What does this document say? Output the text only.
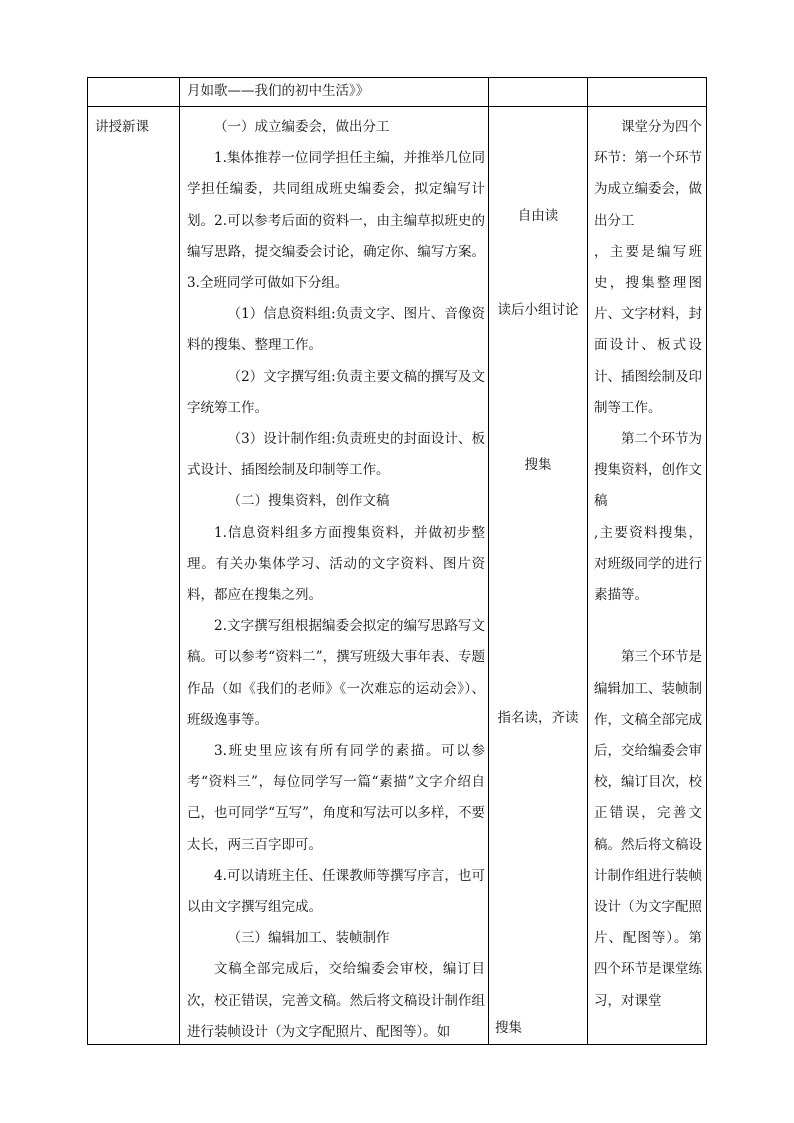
月如歌——我们的初中生活》》
讲授新课	（一）成立编委会，做出分工

1.集体推荐一位同学担任主编，并推举几位同学担任编委，共同组成班史编委会，拟定编写计划。2.可以参考后面的资料一，由主编草拟班史的编写思路，提交编委会讨论，确定你、编写方案。3.全班同学可做如下分组。

（1）信息资料组:负责文字、图片、音像资料的搜集、整理工作。

（2）文字撰写组:负责主要文稿的撰写及文字统筹工作。

（3）设计制作组:负责班史的封面设计、板式设计、插图绘制及印制等工作。

（二）搜集资料，创作文稿

1.信息资料组多方面搜集资料，并做初步整理。有关办集体学习、活动的文字资料、图片资料，都应在搜集之列。

2.文字撰写组根据编委会拟定的编写思路写文稿。可以参考“资料二”，撰写班级大事年表、专题作品（如《我们的老师》《一次难忘的运动会》）、班级逸事等。

3.班史里应该有所有同学的素描。可以参考“资料三”，每位同学写一篇“素描”文字介绍自己，也可同学“互写”，角度和写法可以多样，不要太长，两三百字即可。

4.可以请班主任、任课教师等撰写序言，也可以由文字撰写组完成。

（三）编辑加工、装帧制作

文稿全部完成后，交给编委会审校，编订目次，校正错误，完善文稿。然后将文稿设计制作组进行装帧设计（为文字配照片、配图等）。如

自由读
读后小组讨论
搜集
指名读，齐读
搜集

课堂分为四个环节：第一个环节为成立编委会，做出分工

，主要是编写班史，搜集整理图片、文字材料，封面设计、板式设计、插图绘制及印制等工作。

第二个环节为搜集资料，创作文稿

,主要资料搜集，对班级同学的进行素描等。

第三个环节是编辑加工、装帧制作，文稿全部完成后，交给编委会审校，编订目次，校正错误，完善文稿。然后将文稿设计制作组进行装帧设计（为文字配照片、配图等）。第四个环节是课堂练习，对课堂
